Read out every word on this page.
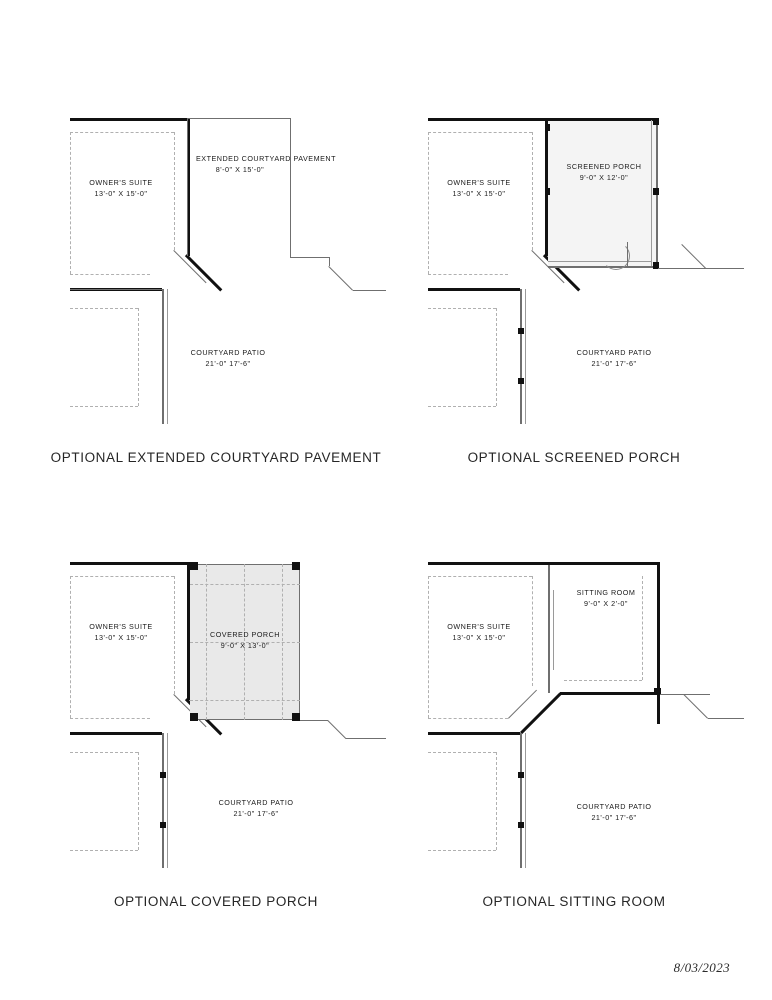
OWNER'S SUITE
13'-0" X 15'-0"
EXTENDED COURTYARD PAVEMENT
8'-0" X 15'-0"
COURTYARD PATIO
21'-0" 17'-6"
OPTIONAL EXTENDED COURTYARD PAVEMENT
OWNER'S SUITE
13'-0" X 15'-0"
SCREENED PORCH
9'-0" X 12'-0"
COURTYARD PATIO
21'-0" 17'-6"
OPTIONAL SCREENED PORCH
OWNER'S SUITE
13'-0" X 15'-0"	COVERED PORCH
9'-0" X 13'-0"
COURTYARD PATIO
21'-0" 17'-6"
OPTIONAL COVERED PORCH
OWNER'S SUITE
13'-0" X 15'-0"
SITTING ROOM
9'-0" X 2'-0"
COURTYARD PATIO
21'-0" 17'-6"
OPTIONAL SITTING ROOM
8/03/2023
